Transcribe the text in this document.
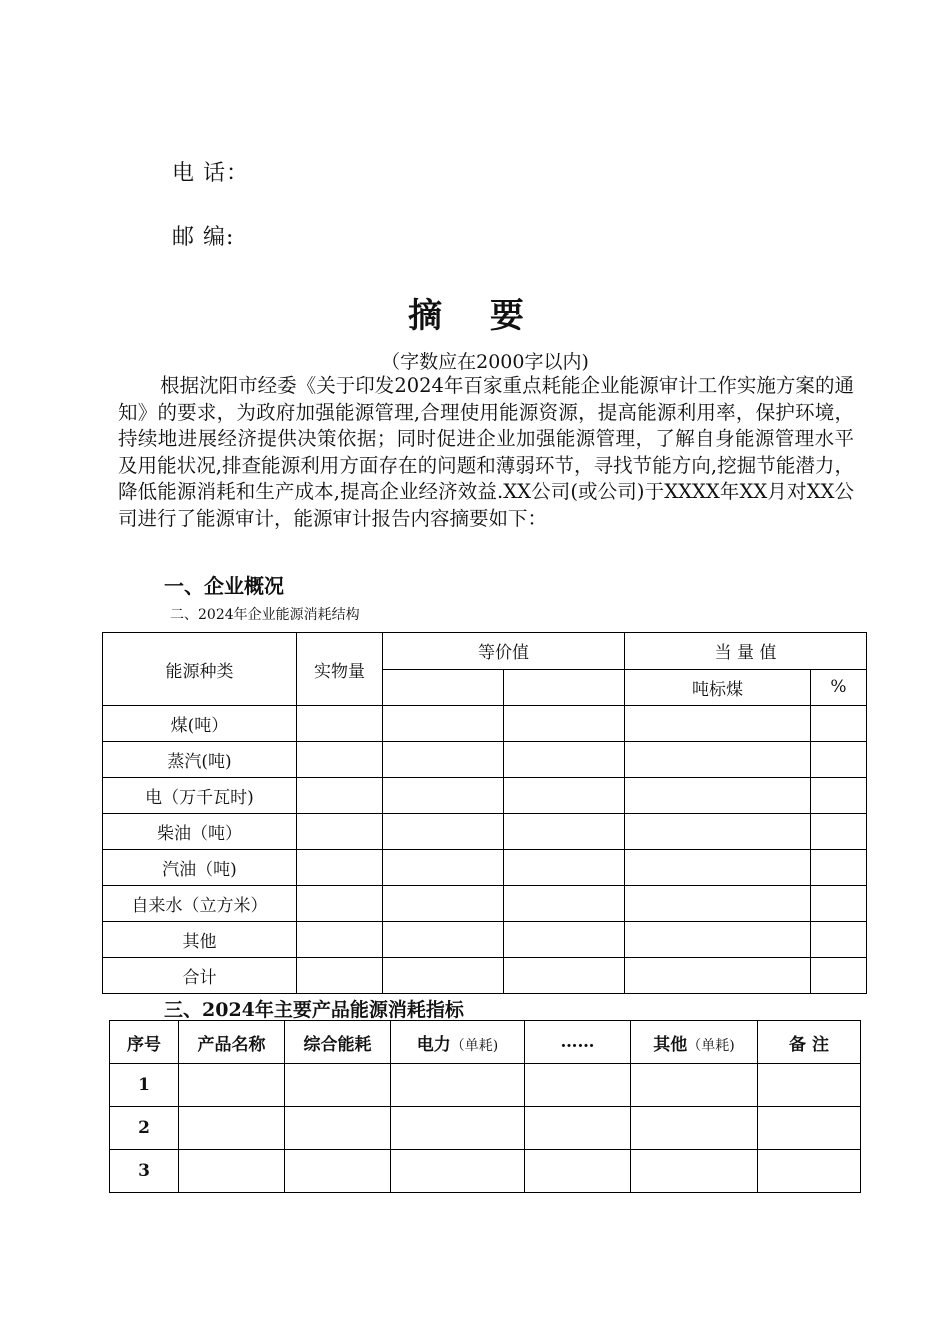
电 话：
邮 编:
摘 要
（字数应在2000字以内)
根据沈阳市经委《关于印发2024年百家重点耗能企业能源审计工作实施方案的通知》的要求，为政府加强能源管理,合理使用能源资源，提高能源利用率，保护环境，持续地进展经济提供决策依据；同时促进企业加强能源管理，了解自身能源管理水平及用能状况,排查能源利用方面存在的问题和薄弱环节，寻找节能方向,挖掘节能潜力，降低能源消耗和生产成本,提高企业经济效益.XX公司(或公司)于XXXX年XX月对XX公司进行了能源审计，能源审计报告内容摘要如下：
一、企业概况
二、2024年企业能源消耗结构
能源种类	实物量	等价值		当 量 值	
				吨标煤	%
煤(吨）					
蒸汽(吨)					
电（万千瓦时)					
柴油（吨）					
汽油（吨)					
自来水（立方米）					
其他					
合计					
三、2024年主要产品能源消耗指标
序号	产品名称	综合能耗	电力（单耗)	……	其他（单耗)	备 注
1						
2						
3						
